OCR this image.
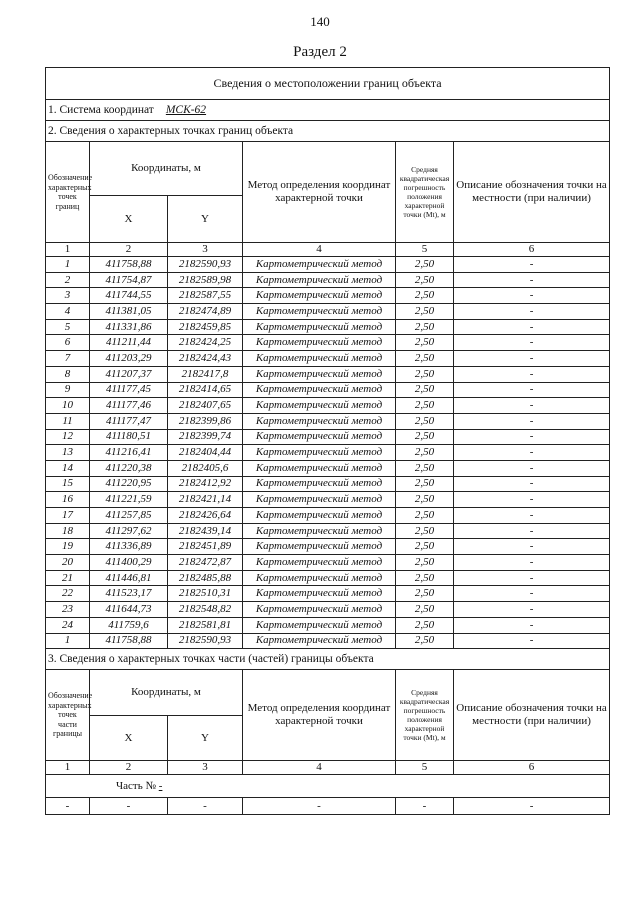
140
Раздел 2
Сведения о местоположении границ объекта					
1. Система координат МСК-62					
2. Сведения о характерных точках границ объекта					
Обозначение характерных точек границ	Координаты, м		Метод определения координат характерной точки	Средняя квадратическая погрешность положения характерной точки (Мt), м	Описание обозначения точки на местности (при наличии)
	X	Y			
1	2	3	4	5	6
1	411758,88	2182590,93	Картометрический метод	2,50	-
2	411754,87	2182589,98	Картометрический метод	2,50	-
3	411744,55	2182587,55	Картометрический метод	2,50	-
4	411381,05	2182474,89	Картометрический метод	2,50	-
5	411331,86	2182459,85	Картометрический метод	2,50	-
6	411211,44	2182424,25	Картометрический метод	2,50	-
7	411203,29	2182424,43	Картометрический метод	2,50	-
8	411207,37	2182417,8	Картометрический метод	2,50	-
9	411177,45	2182414,65	Картометрический метод	2,50	-
10	411177,46	2182407,65	Картометрический метод	2,50	-
11	411177,47	2182399,86	Картометрический метод	2,50	-
12	411180,51	2182399,74	Картометрический метод	2,50	-
13	411216,41	2182404,44	Картометрический метод	2,50	-
14	411220,38	2182405,6	Картометрический метод	2,50	-
15	411220,95	2182412,92	Картометрический метод	2,50	-
16	411221,59	2182421,14	Картометрический метод	2,50	-
17	411257,85	2182426,64	Картометрический метод	2,50	-
18	411297,62	2182439,14	Картометрический метод	2,50	-
19	411336,89	2182451,89	Картометрический метод	2,50	-
20	411400,29	2182472,87	Картометрический метод	2,50	-
21	411446,81	2182485,88	Картометрический метод	2,50	-
22	411523,17	2182510,31	Картометрический метод	2,50	-
23	411644,73	2182548,82	Картометрический метод	2,50	-
24	411759,6	2182581,81	Картометрический метод	2,50	-
1	411758,88	2182590,93	Картометрический метод	2,50	-
3. Сведения о характерных точках части (частей) границы объекта					
Обозначение характерных точек части границы	Координаты, м		Метод определения координат характерной точки	Средняя квадратическая погрешность положения характерной точки (Мt), м	Описание обозначения точки на местности (при наличии)
	X	Y			
1	2	3	4	5	6
Часть № -					
-	-	-	-	-	-
